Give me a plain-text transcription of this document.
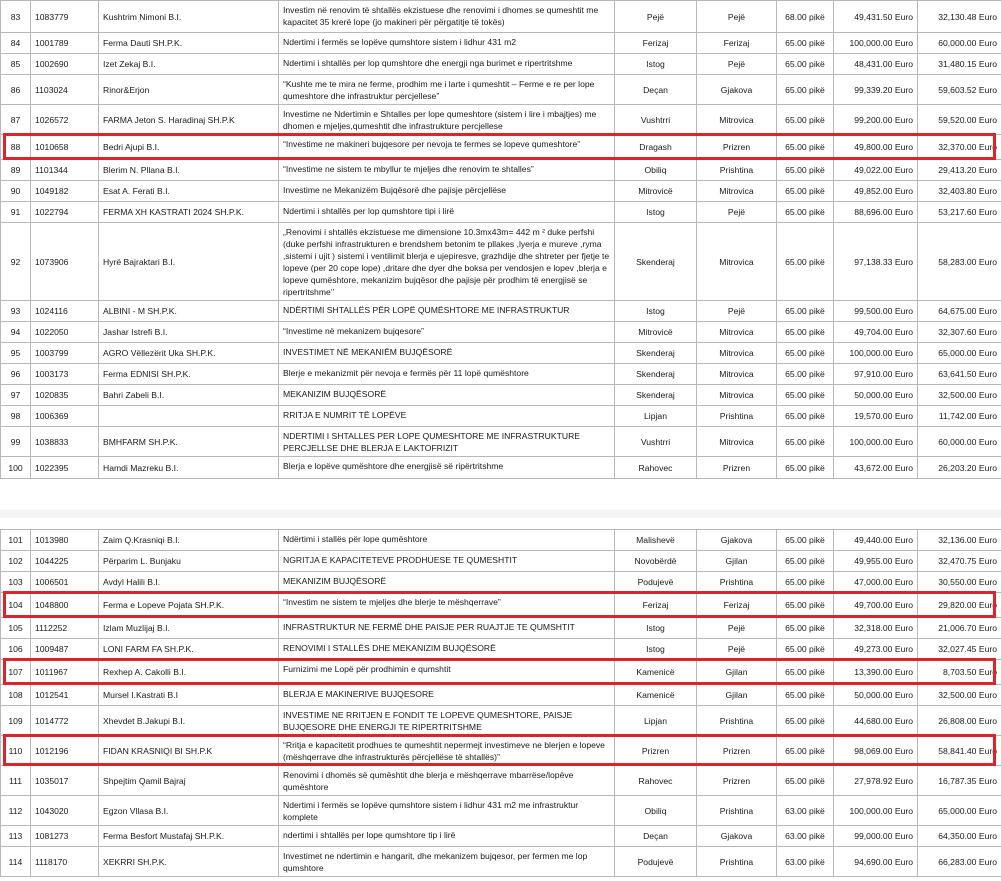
83	1083779	Kushtrim Nimoni B.I.	Investim në renovim të shtallës ekzistuese dhe renovimi i dhomes se qumeshtit me kapacitet 35 krerë lope (jo makineri për përgatitje të tokës)	Pejë	Pejë	68.00 pikë	49,431.50 Euro	32,130.48 Euro
84	1001789	Ferma Dauti SH.P.K.	Ndertimi i fermës se lopëve qumshtore sistem i lidhur 431 m2	Ferizaj	Ferizaj	65.00 pikë	100,000.00 Euro	60,000.00 Euro
85	1002690	Izet Zekaj B.I.	Ndertimi i shtallës per lop qumshtore dhe energji nga burimet e ripertritshme	Istog	Pejë	65.00 pikë	48,431.00 Euro	31,480.15 Euro
86	1103024	Rinor&Erjon	“Kushte me te mira ne ferme, prodhim me i larte i qumeshtit – Ferme e re per lope qumeshtore dhe infrastruktur percjellese”	Deçan	Gjakova	65.00 pikë	99,339.20 Euro	59,603.52 Euro
87	1026572	FARMA Jeton S. Haradinaj SH.P.K	Investime ne Ndertimin e Shtalles per lope qumeshtore (sistem i lire i mbajtjes) me dhomen e mjeljes,qumeshtit dhe infrastrukture percjellese	Vushtrri	Mitrovica	65.00 pikë	99,200.00 Euro	59,520.00 Euro
88	1010658	Bedri Ajupi B.I.	“Investime ne makineri bujqesore per nevoja te fermes se lopeve qumeshtore”	Dragash	Prizren	65.00 pikë	49,800.00 Euro	32,370.00 Euro
89	1101344	Blerim N. Pllana B.I.	“Investime ne sistem te mbyllur te mjeljes dhe renovim te shtalles”	Obiliq	Prishtina	65.00 pikë	49,022.00 Euro	29,413.20 Euro
90	1049182	Esat A. Ferati B.I.	Investime ne Mekanizëm Bujqësorë dhe pajisje përcjellëse	Mitrovicë	Mitrovica	65.00 pikë	49,852.00 Euro	32,403.80 Euro
91	1022794	FERMA XH KASTRATI 2024 SH.P.K.	Ndertimi i shtallës per lop qumshtore tipi i lirë	Istog	Pejë	65.00 pikë	88,696.00 Euro	53,217.60 Euro
92	1073906	Hyrë Bajraktari B.I.	„Renovimi i shtallës ekzistuese me dimensione 10.3mx43m= 442 m ² duke perfshi (duke perfshi infrastrukturen e brendshem betonim te pllakes ,lyerja e mureve ,ryma ,sistemi i ujit ) sistemi i ventilimit blerja e ujepiresve, grazhdije dhe shtreter per fjetje te lopeve (per 20 cope lope) ,dritare dhe dyer dhe boksa per vendosjen e lopev ,blerja e lopeve qumështore, mekanizim bujqësor dhe pajisje për prodhim të energjisë se ripertritshme’’	Skenderaj	Mitrovica	65.00 pikë	97,138.33 Euro	58,283.00 Euro
93	1024116	ALBINI - M SH.P.K.	NDËRTIMI SHTALLËS PËR LOPË QUMËSHTORE ME INFRASTRUKTUR	Istog	Pejë	65.00 pikë	99,500.00 Euro	64,675.00 Euro
94	1022050	Jashar Istrefi B.I.	“Investime në mekanizem bujqesore”	Mitrovicë	Mitrovica	65.00 pikë	49,704.00 Euro	32,307.60 Euro
95	1003799	AGRO Vëllezërit Uka SH.P.K.	INVESTIMET NË MEKANIËM BUJQËSORË	Skenderaj	Mitrovica	65.00 pikë	100,000.00 Euro	65,000.00 Euro
96	1003173	Ferma EDNISI SH.P.K.	Blerje e mekanizmit për nevoja e fermës për 11 lopë qumështore	Skenderaj	Mitrovica	65.00 pikë	97,910.00 Euro	63,641.50 Euro
97	1020835	Bahri Zabeli B.I.	MEKANIZIM BUJQËSORË	Skenderaj	Mitrovica	65.00 pikë	50,000.00 Euro	32,500.00 Euro
98	1006369		RRITJA E NUMRIT TË LOPËVE	Lipjan	Prishtina	65.00 pikë	19,570.00 Euro	11,742.00 Euro
99	1038833	BMHFARM SH.P.K.	NDERTIMI I SHTALLES PER LOPE QUMESHTORE ME INFRASTRUKTURE PERCJELLSE DHE BLERJA E LAKTOFRIZIT	Vushtrri	Mitrovica	65.00 pikë	100,000.00 Euro	60,000.00 Euro
100	1022395	Hamdi Mazreku B.I.	Blerja e lopëve qumështore dhe energjisë së ripërtritshme	Rahovec	Prizren	65.00 pikë	43,672.00 Euro	26,203.20 Euro
101	1013980	Zaim Q.Krasniqi B.I.	Ndërtimi i stallës për lope qumështore	Malishevë	Gjakova	65.00 pikë	49,440.00 Euro	32,136.00 Euro
102	1044225	Përparim L. Bunjaku	NGRITJA E KAPACITETEVE PRODHUESE TE QUMESHTIT	Novobërdë	Gjilan	65.00 pikë	49,955.00 Euro	32,470.75 Euro
103	1006501	Avdyl Halili B.I.	MEKANIZIM BUJQËSORË	Podujevë	Prishtina	65.00 pikë	47,000.00 Euro	30,550.00 Euro
104	1048800	Ferma e Lopeve Pojata SH.P.K.	“Investim ne sistem te mjeljes dhe blerje te mëshqerrave”	Ferizaj	Ferizaj	65.00 pikë	49,700.00 Euro	29,820.00 Euro
105	1112252	Izlam Muzlijaj B.I.	INFRASTRUKTUR NE FERMË DHE PAISJE PER RUAJTJE TE QUMSHTIT	Istog	Pejë	65.00 pikë	32,318.00 Euro	21,006.70 Euro
106	1009487	LONI FARM FA SH.P.K.	RENOVIMI I STALLËS DHE MEKANIZIM BUJQËSORË	Istog	Pejë	65.00 pikë	49,273.00 Euro	32,027.45 Euro
107	1011967	Rexhep A. Cakolli B.I.	Furnizimi me Lopë për prodhimin e qumshtit	Kamenicë	Gjilan	65.00 pikë	13,390.00 Euro	8,703.50 Euro
108	1012541	Mursel I.Kastrati B.I	BLERJA E MAKINERIVE BUJQESORE	Kamenicë	Gjilan	65.00 pikë	50,000.00 Euro	32,500.00 Euro
109	1014772	Xhevdet B.Jakupi B.I.	INVESTIME NE RRITJEN E FONDIT TE LOPEVE QUMESHTORE, PAISJE BUJQESORE DHE ENERGJI TE RIPERTRITSHME	Lipjan	Prishtina	65.00 pikë	44,680.00 Euro	26,808.00 Euro
110	1012196	FIDAN KRASNIQI BI SH.P.K	“Rritja e kapacitetit prodhues te qumeshtit nepermejt investimeve ne blerjen e lopeve (mëshqerrave dhe infrastrukturës përcjellëse të shtallës)”	Prizren	Prizren	65.00 pikë	98,069.00 Euro	58,841.40 Euro
111	1035017	Shpejtim Qamil Bajraj	Renovimi i dhomës së qumështit dhe blerja e mëshqerrave mbarrëse/lopëve qumështore	Rahovec	Prizren	65.00 pikë	27,978.92 Euro	16,787.35 Euro
112	1043020	Egzon Vllasa B.I.	Ndertimi i fermës se lopëve qumshtore sistem i lidhur 431 m2 me infrastruktur komplete	Obiliq	Prishtina	63.00 pikë	100,000.00 Euro	65,000.00 Euro
113	1081273	Ferma Besfort Mustafaj SH.P.K.	ndertimi i shtallës per lope qumshtore tip i lirë	Deçan	Gjakova	63.00 pikë	99,000.00 Euro	64,350.00 Euro
114	1118170	XEKRRI SH.P.K.	Investimet ne ndertimin e hangarit, dhe mekanizem bujqesor, per fermen me lop qumshtore	Podujevë	Prishtina	63.00 pikë	94,690.00 Euro	66,283.00 Euro
